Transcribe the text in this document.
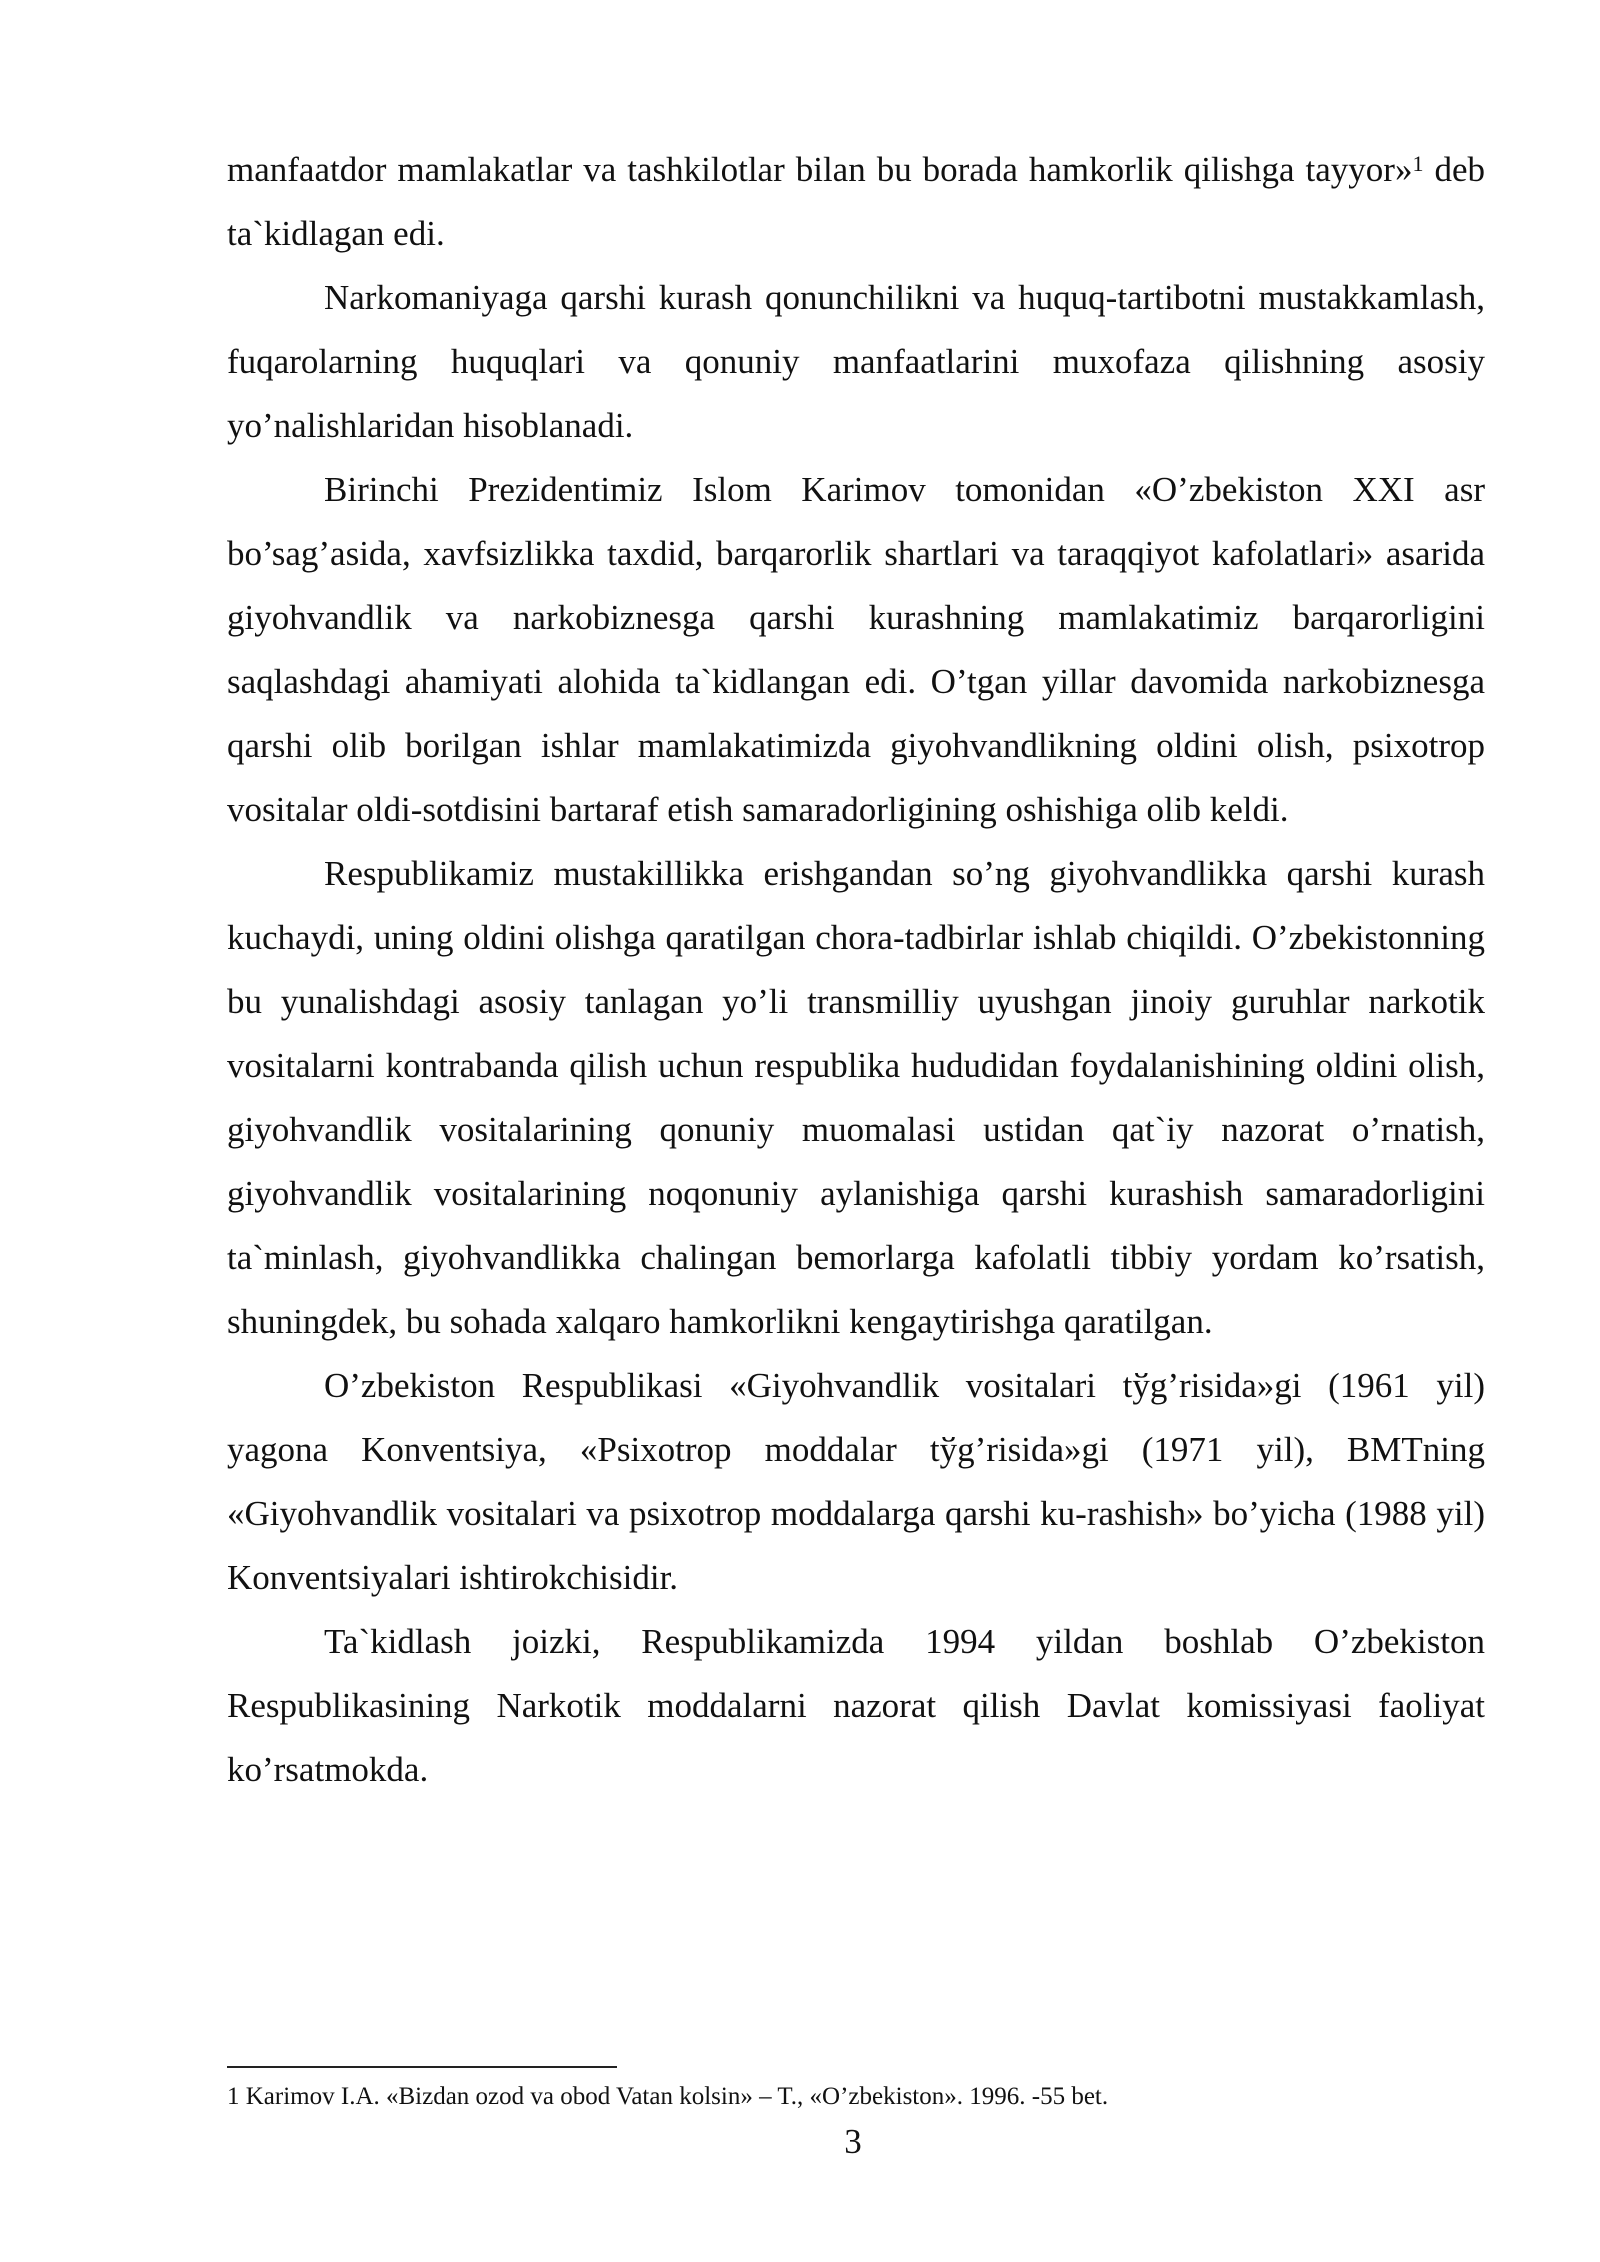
manfaatdor mamlakatlar va tashkilotlar bilan bu borada hamkorlik qilishga tayyor»$^1$ deb ta`kidlagan edi.

Narkomaniyaga qarshi kurash qonunchilikni va huquq-tartibotni mustakkamlash, fuqarolarning huquqlari va qonuniy manfaatlarini muxofaza qilishning asosiy yo’nalishlaridan hisoblanadi.

Birinchi Prezidentimiz Islom Karimov tomonidan «O’zbekiston XXI asr bo’sag’asida, xavfsizlikka taxdid, barqarorlik shartlari va taraqqiyot kafolatlari» asarida giyohvandlik va narkobiznesga qarshi kurashning mamlakatimiz barqarorligini saqlashdagi ahamiyati alohida ta`kidlangan edi. O’tgan yillar davomida narkobiznesga qarshi olib borilgan ishlar mamlakatimizda giyohvandlikning oldini olish, psixotrop vositalar oldi-sotdisini bartaraf etish samaradorligining oshishiga olib keldi.

Respublikamiz mustakillikka erishgandan so’ng giyohvandlikka qarshi kurash kuchaydi, uning oldini olishga qaratilgan chora-tadbirlar ishlab chiqildi. O’zbekistonning bu yunalishdagi asosiy tanlagan yo’li transmilliy uyushgan jinoiy guruhlar narkotik vositalarni kontrabanda qilish uchun respublika hududidan foydalanishining oldini olish, giyohvandlik vositalarining qonuniy muomalasi ustidan qat`iy nazorat o’rnatish, giyohvandlik vositalarining noqonuniy aylanishiga qarshi kurashish samaradorligini ta`minlash, giyohvandlikka chalingan bemorlarga kafolatli tibbiy yordam ko’rsatish, shuningdek, bu sohada xalqaro hamkorlikni kengaytirishga qaratilgan.

O’zbekiston Respublikasi «Giyohvandlik vositalari tўg’risida»gi (1961 yil) yagona Konventsiya, «Psixotrop moddalar tўg’risida»gi (1971 yil), BMTning «Giyohvandlik vositalari va psixotrop moddalarga qarshi ku-rashish» bo’yicha (1988 yil) Konventsiyalari ishtirokchisidir.

Ta`kidlash joizki, Respublikamizda 1994 yildan boshlab O’zbekiston Respublikasining Narkotik moddalarni nazorat qilish Davlat komissiyasi faoliyat ko’rsatmokda.

1 Karimov I.A. «Bizdan ozod va obod Vatan kolsin» – T., «O’zbekiston». 1996. -55 bet.
3
